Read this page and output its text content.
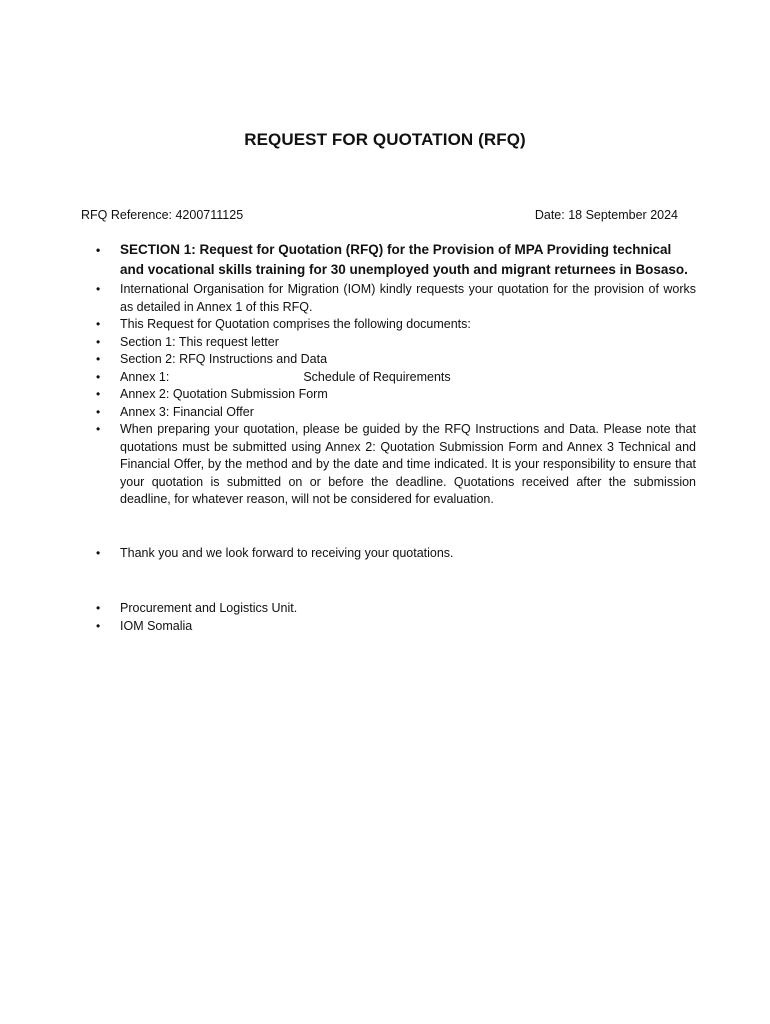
REQUEST FOR QUOTATION (RFQ)
RFQ Reference: 4200711125	Date: 18 September 2024
• SECTION 1: Request for Quotation (RFQ) for the Provision of MPA Providing technical and vocational skills training for 30 unemployed youth and migrant returnees in Bosaso.
• International Organisation for Migration (IOM) kindly requests your quotation for the provision of works as detailed in Annex 1 of this RFQ.
• This Request for Quotation comprises the following documents:
• Section 1: This request letter
• Section 2: RFQ Instructions and Data
• Annex 1:	Schedule of Requirements
• Annex 2: Quotation Submission Form
• Annex 3: Financial Offer
• When preparing your quotation, please be guided by the RFQ Instructions and Data. Please note that quotations must be submitted using Annex 2: Quotation Submission Form and Annex 3 Technical and Financial Offer, by the method and by the date and time indicated. It is your responsibility to ensure that your quotation is submitted on or before the deadline. Quotations received after the submission deadline, for whatever reason, will not be considered for evaluation.
• Thank you and we look forward to receiving your quotations.
• Procurement and Logistics Unit.
• IOM Somalia
